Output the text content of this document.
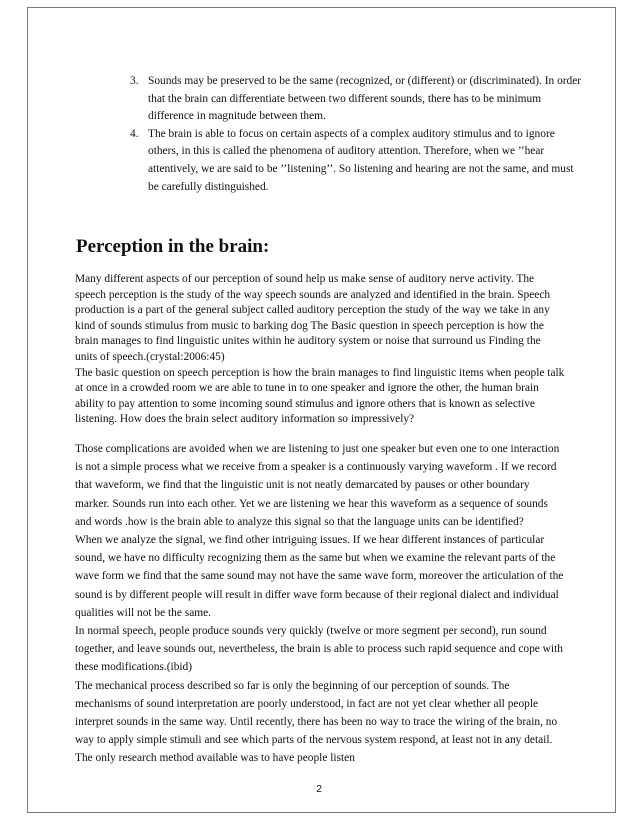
3. Sounds may be preserved to be the same (recognized, or (different) or (discriminated). In order that the brain can differentiate between two different sounds, there has to be minimum difference in magnitude between them.
4. The brain is able to focus on certain aspects of a complex auditory stimulus and to ignore others, in this is called the phenomena of auditory attention. Therefore, when we ’’hear attentively, we are said to be ’’listening’’. So listening and hearing are not the same, and must be carefully distinguished.
Perception in the brain:

Many different aspects of our perception of sound help us make sense of auditory nerve activity. The speech perception is the study of the way speech sounds are analyzed and identified in the brain. Speech production is a part of the general subject called auditory perception the study of the way we take in any kind of sounds stimulus from music to barking dog The Basic question in speech perception is how the brain manages to find linguistic unites within he auditory system or noise that surround us Finding the units of speech.(crystal:2006:45)

The basic question on speech perception is how the brain manages to find linguistic items when people talk at once in a crowded room we are able to tune in to one speaker and ignore the other, the human brain ability to pay attention to some incoming sound stimulus and ignore others that is known as selective listening. How does the brain select auditory information so impressively?

Those complications are avoided when we are listening to just one speaker but even one to one interaction is not a simple process what we receive from a speaker is a continuously varying waveform . If we record that waveform, we find that the linguistic unit is not neatly demarcated by pauses or other boundary marker. Sounds run into each other. Yet we are listening we hear this waveform as a sequence of sounds and words .how is the brain able to analyze this signal so that the language units can be identified?

When we analyze the signal, we find other intriguing issues. If we hear different instances of particular sound, we have no difficulty recognizing them as the same but when we examine the relevant parts of the wave form we find that the same sound may not have the same wave form, moreover the articulation of the sound is by different people will result in differ wave form because of their regional dialect and individual qualities will not be the same.

In normal speech, people produce sounds very quickly (twelve or more segment per second), run sound together, and leave sounds out, nevertheless, the brain is able to process such rapid sequence and cope with these modifications.(ibid)

The mechanical process described so far is only the beginning of our perception of sounds. The mechanisms of sound interpretation are poorly understood, in fact are not yet clear whether all people interpret sounds in the same way. Until recently, there has been no way to trace the wiring of the brain, no way to apply simple stimuli and see which parts of the nervous system respond, at least not in any detail. The only research method available was to have people listen

2
